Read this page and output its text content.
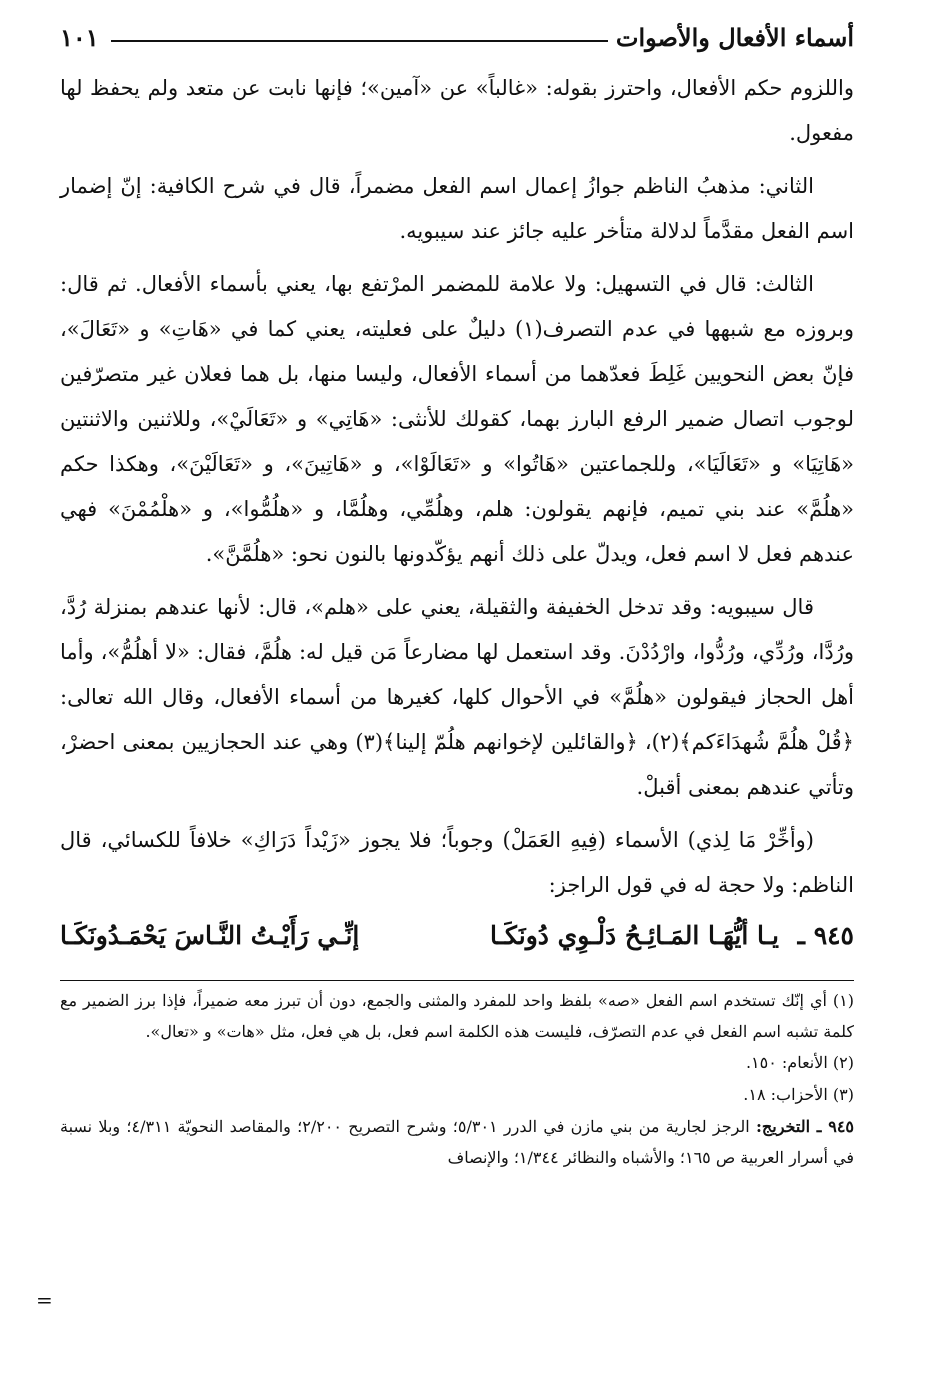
أسماء الأفعال والأصوات
١٠١

واللزوم حكم الأفعال، واحترز بقوله: «غالباً» عن «آمين»؛ فإنها نابت عن متعد ولم يحفظ لها مفعول.

الثاني: مذهبُ الناظم جوازُ إعمال اسم الفعل مضمراً، قال في شرح الكافية: إنّ إضمار اسم الفعل مقدَّماً لدلالة متأخر عليه جائز عند سيبويه.

الثالث: قال في التسهيل: ولا علامة للمضمر المرْتفع بها، يعني بأسماء الأفعال. ثم قال: وبروزه مع شبهها في عدم التصرف(١) دليلٌ على فعليته، يعني كما في «هَاتِ» و «تَعَالَ»، فإنّ بعض النحويين غَلِطَ فعدّهما من أسماء الأفعال، وليسا منها، بل هما فعلان غير متصرّفين لوجوب اتصال ضمير الرفع البارز بهما، كقولك للأنثى: «هَاتِي» و «تَعَالَيْ»، وللاثنين والاثنتين «هَاتِيَا» و «تَعَالَيَا»، وللجماعتين «هَاتُوا» و «تَعَالَوْا»، و «هَاتِينَ»، و «تَعَالَيْنَ»، وهكذا حكم «هلُمَّ» عند بني تميم، فإنهم يقولون: هلم، وهلُمِّي، وهلُمَّا، و «هلُمُّوا»، و «هلْمُمْنَ» فهي عندهم فعل لا اسم فعل، ويدلّ على ذلك أنهم يؤكّدونها بالنون نحو: «هلُمَّنَّ».

قال سيبويه: وقد تدخل الخفيفة والثقيلة، يعني على «هلم»، قال: لأنها عندهم بمنزلة رُدَّ، ورُدَّا، ورُدِّي، ورُدُّوا، وارْدُدْنَ. وقد استعمل لها مضارعاً مَن قيل له: هلُمَّ، فقال: «لا أهلُمُّ»، وأما أهل الحجاز فيقولون «هلُمَّ» في الأحوال كلها، كغيرها من أسماء الأفعال، وقال الله تعالى: ﴿قُلْ هلُمَّ شُهدَاءَكم﴾(٢)، ﴿والقائلين لإخوانهم هلُمّ إلينا﴾(٣) وهي عند الحجازيين بمعنى احضرْ، وتأتي عندهم بمعنى أقبلْ.

(وأخِّرْ مَا لِذي) الأسماء (فِيهِ العَمَلْ) وجوباً؛ فلا يجوز «زَيْداً دَرَاكِ» خلافاً للكسائي، قال الناظم: ولا حجة له في قول الراجز:

٩٤٥ ـ يـا أيُّهَـا المَـائِـحُ دَلْـوِي دُونَكَـا
إنِّـي رَأَيْـتُ النَّـاسَ يَحْمَـدُونَكَـا

(١) أي إنّك تستخدم اسم الفعل «صه» بلفظ واحد للمفرد والمثنى والجمع، دون أن تبرز معه ضميراً، فإذا برز الضمير مع كلمة تشبه اسم الفعل في عدم التصرّف، فليست هذه الكلمة اسم فعل، بل هي فعل، مثل «هات» و «تعال».

(٢) الأنعام: ١٥٠.

(٣) الأحزاب: ١٨.

٩٤٥ ـ التخريج: الرجز لجارية من بني مازن في الدرر ٥/٣٠١؛ وشرح التصريح ٢/٢٠٠؛ والمقاصد النحويّة ٤/٣١١؛ وبلا نسبة في أسرار العربية ص ١٦٥؛ والأشباه والنظائر ١/٣٤٤؛ والإنصاف

=
